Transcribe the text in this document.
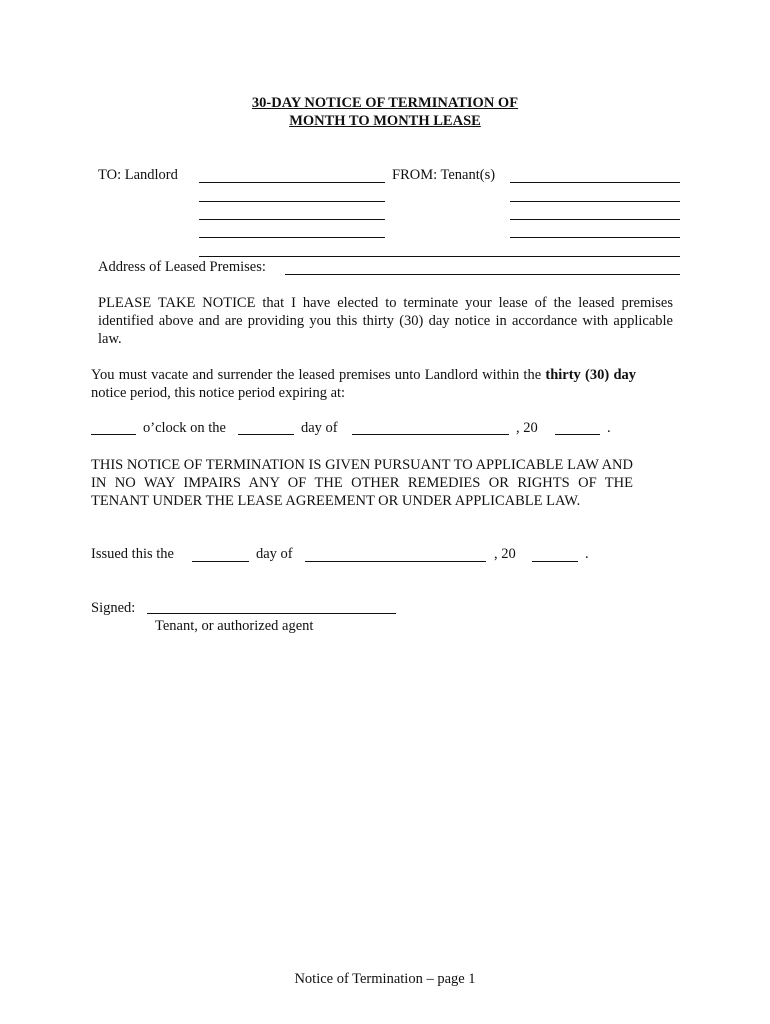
30-DAY NOTICE OF TERMINATION OF
MONTH TO MONTH LEASE
TO: Landlord	FROM: Tenant(s)
Address of Leased Premises:
PLEASE TAKE NOTICE that I have elected to terminate your lease of the leased premises identified above and are providing you this thirty (30) day notice in accordance with applicable law.
You must vacate and surrender the leased premises unto Landlord within the thirty (30) day notice period, this notice period expiring at:
o’clock on the	day of	, 20	.
THIS NOTICE OF TERMINATION IS GIVEN PURSUANT TO APPLICABLE LAW AND IN NO WAY IMPAIRS ANY OF THE OTHER REMEDIES OR RIGHTS OF THE TENANT UNDER THE LEASE AGREEMENT OR UNDER APPLICABLE LAW.
Issued this the	day of	, 20	.
Signed:
Tenant, or authorized agent
Notice of Termination – page 1
